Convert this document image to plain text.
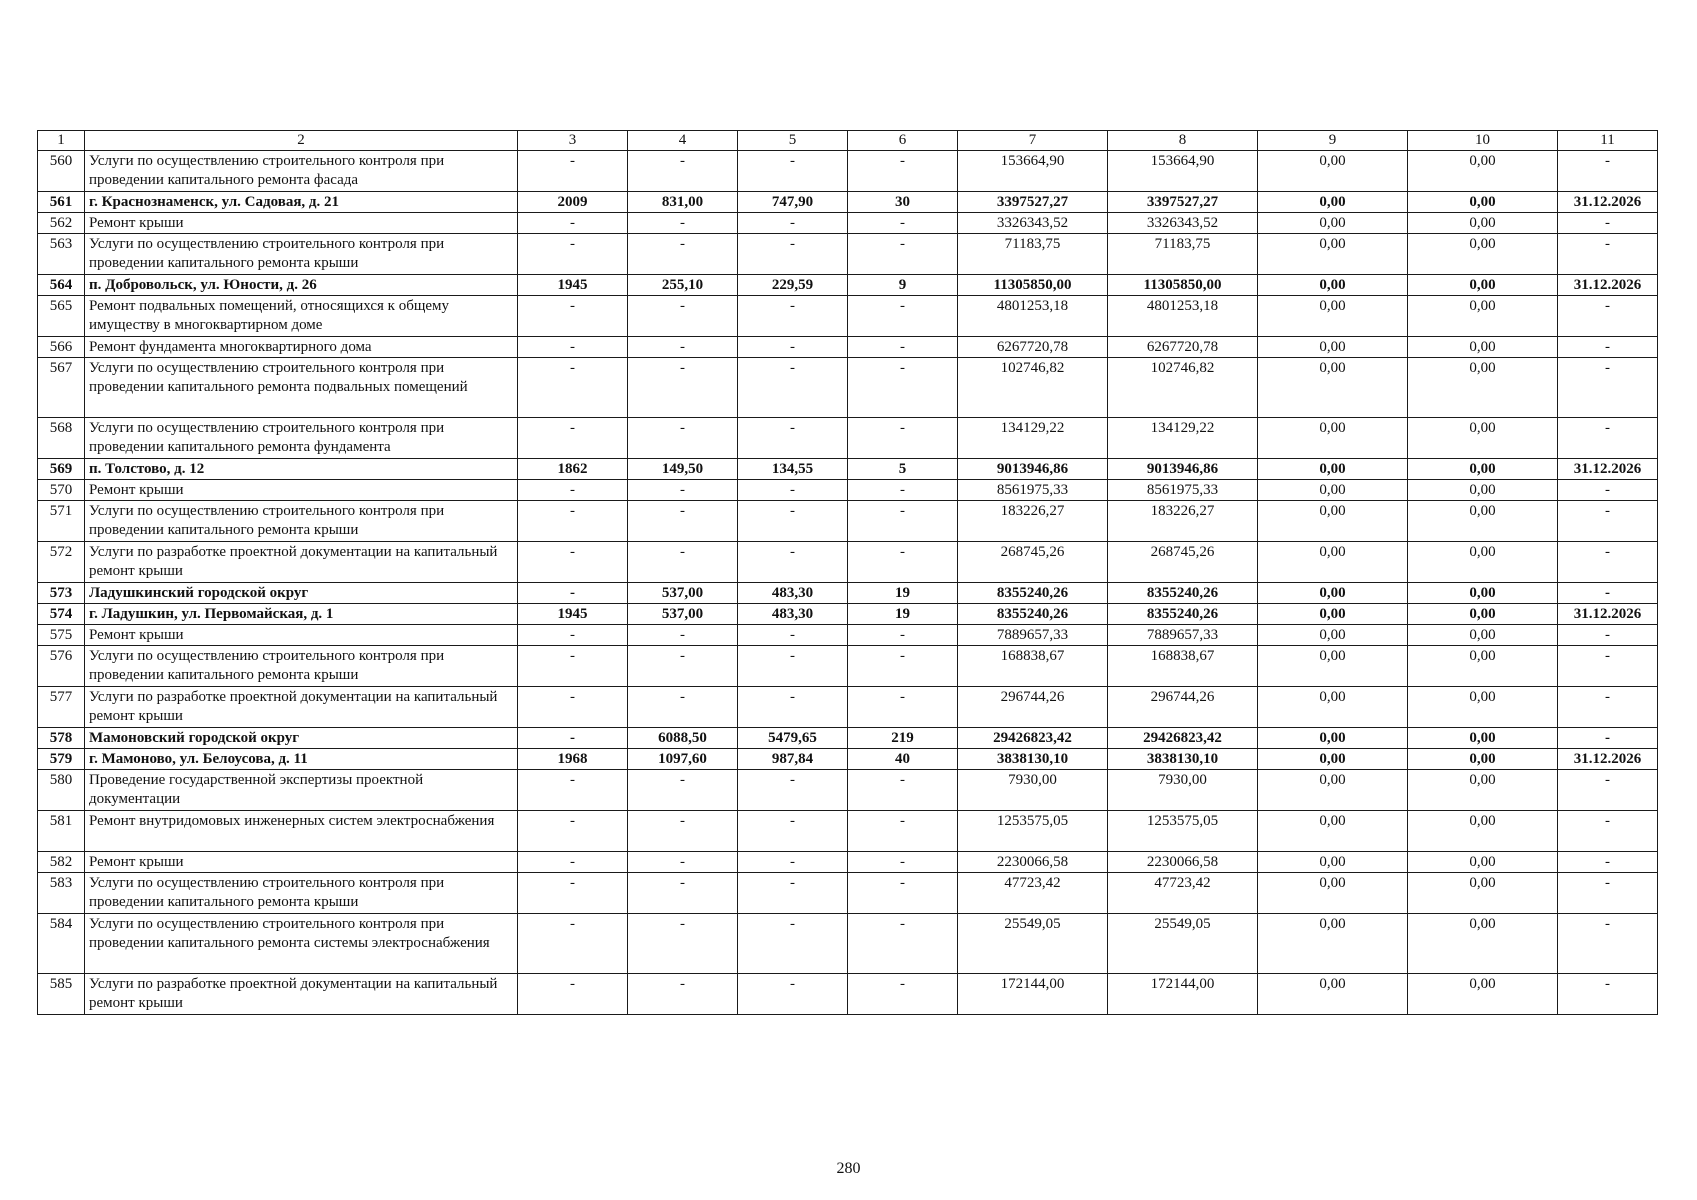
1	2	3	4	5	6	7	8	9	10	11
560	Услуги по осуществлению строительного контроля при проведении капитального ремонта фасада	-	-	-	-	153664,90	153664,90	0,00	0,00	-
561	г. Краснознаменск, ул. Садовая, д. 21	2009	831,00	747,90	30	3397527,27	3397527,27	0,00	0,00	31.12.2026
562	Ремонт крыши	-	-	-	-	3326343,52	3326343,52	0,00	0,00	-
563	Услуги по осуществлению строительного контроля при проведении капитального ремонта крыши	-	-	-	-	71183,75	71183,75	0,00	0,00	-
564	п. Добровольск, ул. Юности, д. 26	1945	255,10	229,59	9	11305850,00	11305850,00	0,00	0,00	31.12.2026
565	Ремонт подвальных помещений, относящихся к общему имуществу в многоквартирном доме	-	-	-	-	4801253,18	4801253,18	0,00	0,00	-
566	Ремонт фундамента многоквартирного дома	-	-	-	-	6267720,78	6267720,78	0,00	0,00	-
567	Услуги по осуществлению строительного контроля при проведении капитального ремонта подвальных помещений	-	-	-	-	102746,82	102746,82	0,00	0,00	-
568	Услуги по осуществлению строительного контроля при проведении капитального ремонта фундамента	-	-	-	-	134129,22	134129,22	0,00	0,00	-
569	п. Толстово, д. 12	1862	149,50	134,55	5	9013946,86	9013946,86	0,00	0,00	31.12.2026
570	Ремонт крыши	-	-	-	-	8561975,33	8561975,33	0,00	0,00	-
571	Услуги по осуществлению строительного контроля при проведении капитального ремонта крыши	-	-	-	-	183226,27	183226,27	0,00	0,00	-
572	Услуги по разработке проектной документации на капитальный ремонт крыши	-	-	-	-	268745,26	268745,26	0,00	0,00	-
573	Ладушкинский городской округ	-	537,00	483,30	19	8355240,26	8355240,26	0,00	0,00	-
574	г. Ладушкин, ул. Первомайская, д. 1	1945	537,00	483,30	19	8355240,26	8355240,26	0,00	0,00	31.12.2026
575	Ремонт крыши	-	-	-	-	7889657,33	7889657,33	0,00	0,00	-
576	Услуги по осуществлению строительного контроля при проведении капитального ремонта крыши	-	-	-	-	168838,67	168838,67	0,00	0,00	-
577	Услуги по разработке проектной документации на капитальный ремонт крыши	-	-	-	-	296744,26	296744,26	0,00	0,00	-
578	Мамоновский городской округ	-	6088,50	5479,65	219	29426823,42	29426823,42	0,00	0,00	-
579	г. Мамоново, ул. Белоусова, д. 11	1968	1097,60	987,84	40	3838130,10	3838130,10	0,00	0,00	31.12.2026
580	Проведение государственной экспертизы проектной документации	-	-	-	-	7930,00	7930,00	0,00	0,00	-
581	Ремонт внутридомовых инженерных систем электроснабжения	-	-	-	-	1253575,05	1253575,05	0,00	0,00	-
582	Ремонт крыши	-	-	-	-	2230066,58	2230066,58	0,00	0,00	-
583	Услуги по осуществлению строительного контроля при проведении капитального ремонта крыши	-	-	-	-	47723,42	47723,42	0,00	0,00	-
584	Услуги по осуществлению строительного контроля при проведении капитального ремонта системы электроснабжения	-	-	-	-	25549,05	25549,05	0,00	0,00	-
585	Услуги по разработке проектной документации на капитальный ремонт крыши	-	-	-	-	172144,00	172144,00	0,00	0,00	-
280
